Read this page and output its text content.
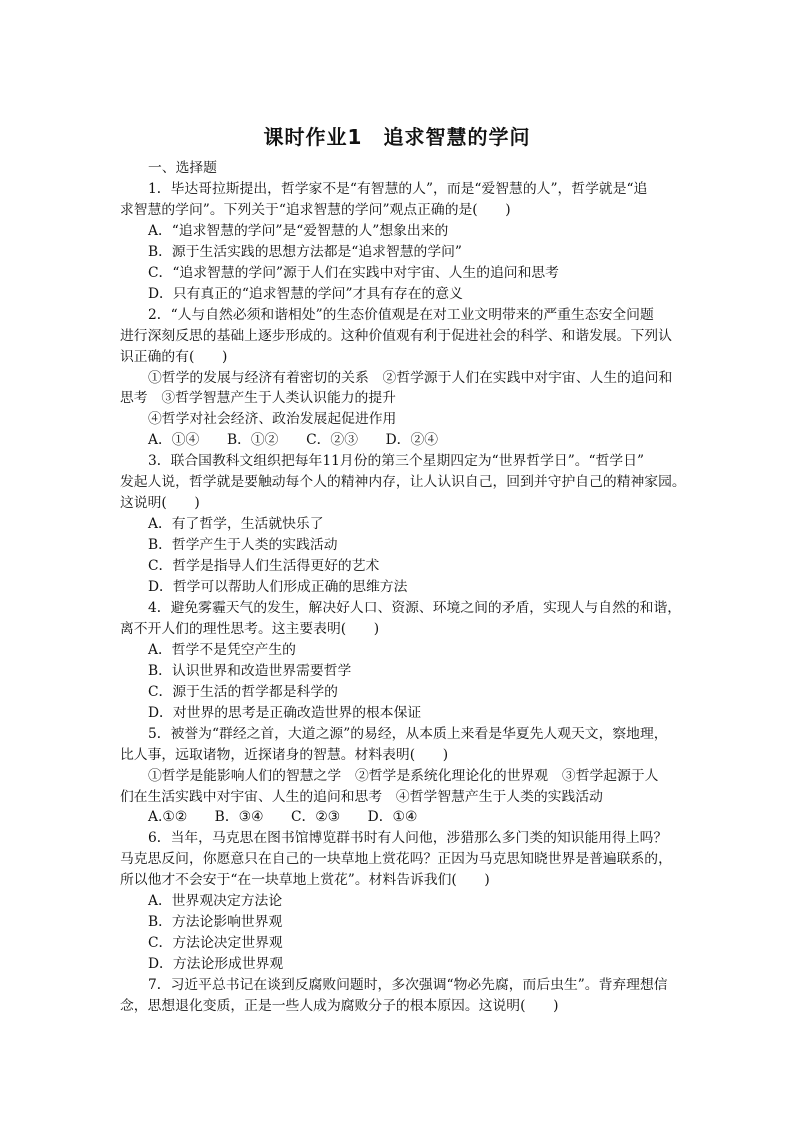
课时作业1　追求智慧的学问
一、选择题
1．毕达哥拉斯提出，哲学家不是“有智慧的人”，而是“爱智慧的人”，哲学就是“追
求智慧的学问”。下列关于“追求智慧的学问”观点正确的是(　　)
A．“追求智慧的学问”是“爱智慧的人”想象出来的
B．源于生活实践的思想方法都是“追求智慧的学问”
C．“追求智慧的学问”源于人们在实践中对宇宙、人生的追问和思考
D．只有真正的“追求智慧的学问”才具有存在的意义
2．“人与自然必须和谐相处”的生态价值观是在对工业文明带来的严重生态安全问题
进行深刻反思的基础上逐步形成的。这种价值观有利于促进社会的科学、和谐发展。下列认
识正确的有(　　)
①哲学的发展与经济有着密切的关系　②哲学源于人们在实践中对宇宙、人生的追问和
思考　③哲学智慧产生于人类认识能力的提升
④哲学对社会经济、政治发展起促进作用
A．①④　　B．①②　　C．②③　　D．②④
3．联合国教科文组织把每年11月份的第三个星期四定为“世界哲学日”。“哲学日”
发起人说，哲学就是要触动每个人的精神内存，让人认识自己，回到并守护自己的精神家园。
这说明(　　)
A．有了哲学，生活就快乐了
B．哲学产生于人类的实践活动
C．哲学是指导人们生活得更好的艺术
D．哲学可以帮助人们形成正确的思维方法
4．避免雾霾天气的发生，解决好人口、资源、环境之间的矛盾，实现人与自然的和谐，
离不开人们的理性思考。这主要表明(　　)
A．哲学不是凭空产生的
B．认识世界和改造世界需要哲学
C．源于生活的哲学都是科学的
D．对世界的思考是正确改造世界的根本保证
5．被誉为“群经之首，大道之源”的易经，从本质上来看是华夏先人观天文，察地理，
比人事，远取诸物，近探诸身的智慧。材料表明(　　)
①哲学是能影响人们的智慧之学　②哲学是系统化理论化的世界观　③哲学起源于人
们在生活实践中对宇宙、人生的追问和思考　④哲学智慧产生于人类的实践活动
A.①②　　B．③④　　C．②③　　D．①④
6．当年，马克思在图书馆博览群书时有人问他，涉猎那么多门类的知识能用得上吗？
马克思反问，你愿意只在自己的一块草地上赏花吗？正因为马克思知晓世界是普遍联系的，
所以他才不会安于“在一块草地上赏花”。材料告诉我们(　　)
A．世界观决定方法论
B．方法论影响世界观
C．方法论决定世界观
D．方法论形成世界观
7．习近平总书记在谈到反腐败问题时，多次强调“物必先腐，而后虫生”。背弃理想信
念，思想退化变质，正是一些人成为腐败分子的根本原因。这说明(　　)
